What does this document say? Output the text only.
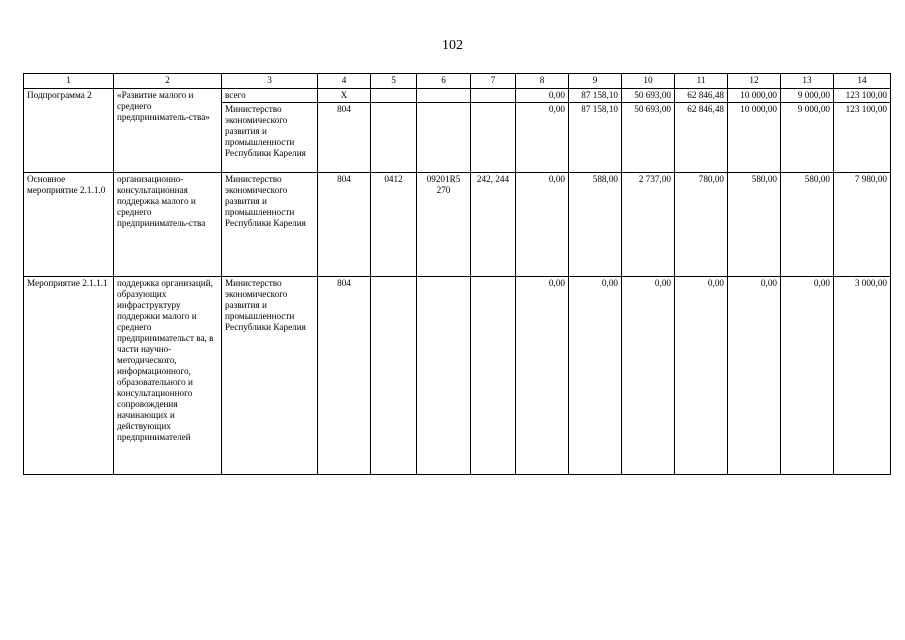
102
1	2	3	4	5	6	7	8	9	10	11	12	13	14
Подпрограмма 2	«Развитие малого и среднего предприниматель-ства»	всего	Х				0,00	87 158,10	50 693,00	62 846,48	10 000,00	9 000,00	123 100,00
		Министерство экономического развития и промышленности Республики Карелия	804				0,00	87 158,10	50 693,00	62 846,48	10 000,00	9 000,00	123 100,00
Основное мероприятие 2.1.1.0	организационно-консультационная поддержка малого и среднего предприниматель-ства	Министерство экономического развития и промышленности Республики Карелия	804	0412	09201R5 270	242, 244	0,00	588,00	2 737,00	780,00	580,00	580,00	7 980,00
Мероприятие 2.1.1.1	поддержка организаций, образующих инфраструктуру поддержки малого и среднего предпринимательст ва, в части научно-методического, информационного, образовательного и консультационного сопровождения начинающих и действующих предпринимателей	Министерство экономического развития и промышленности Республики Карелия	804				0,00	0,00	0,00	0,00	0,00	0,00	3 000,00
